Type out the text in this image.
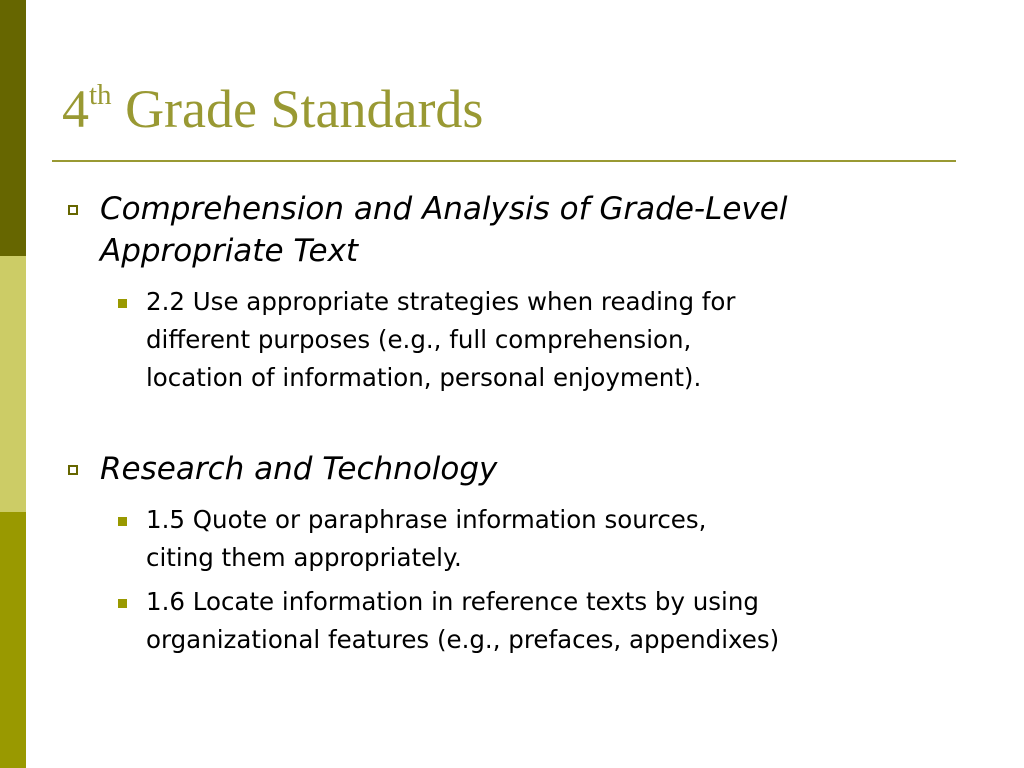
4th Grade Standards

Comprehension and Analysis of Grade-Level
Appropriate Text

2.2 Use appropriate strategies when reading for
different purposes (e.g., full comprehension,
location of information, personal enjoyment).

Research and Technology

1.5 Quote or paraphrase information sources,
citing them appropriately.

1.6 Locate information in reference texts by using
organizational features (e.g., prefaces, appendixes)
